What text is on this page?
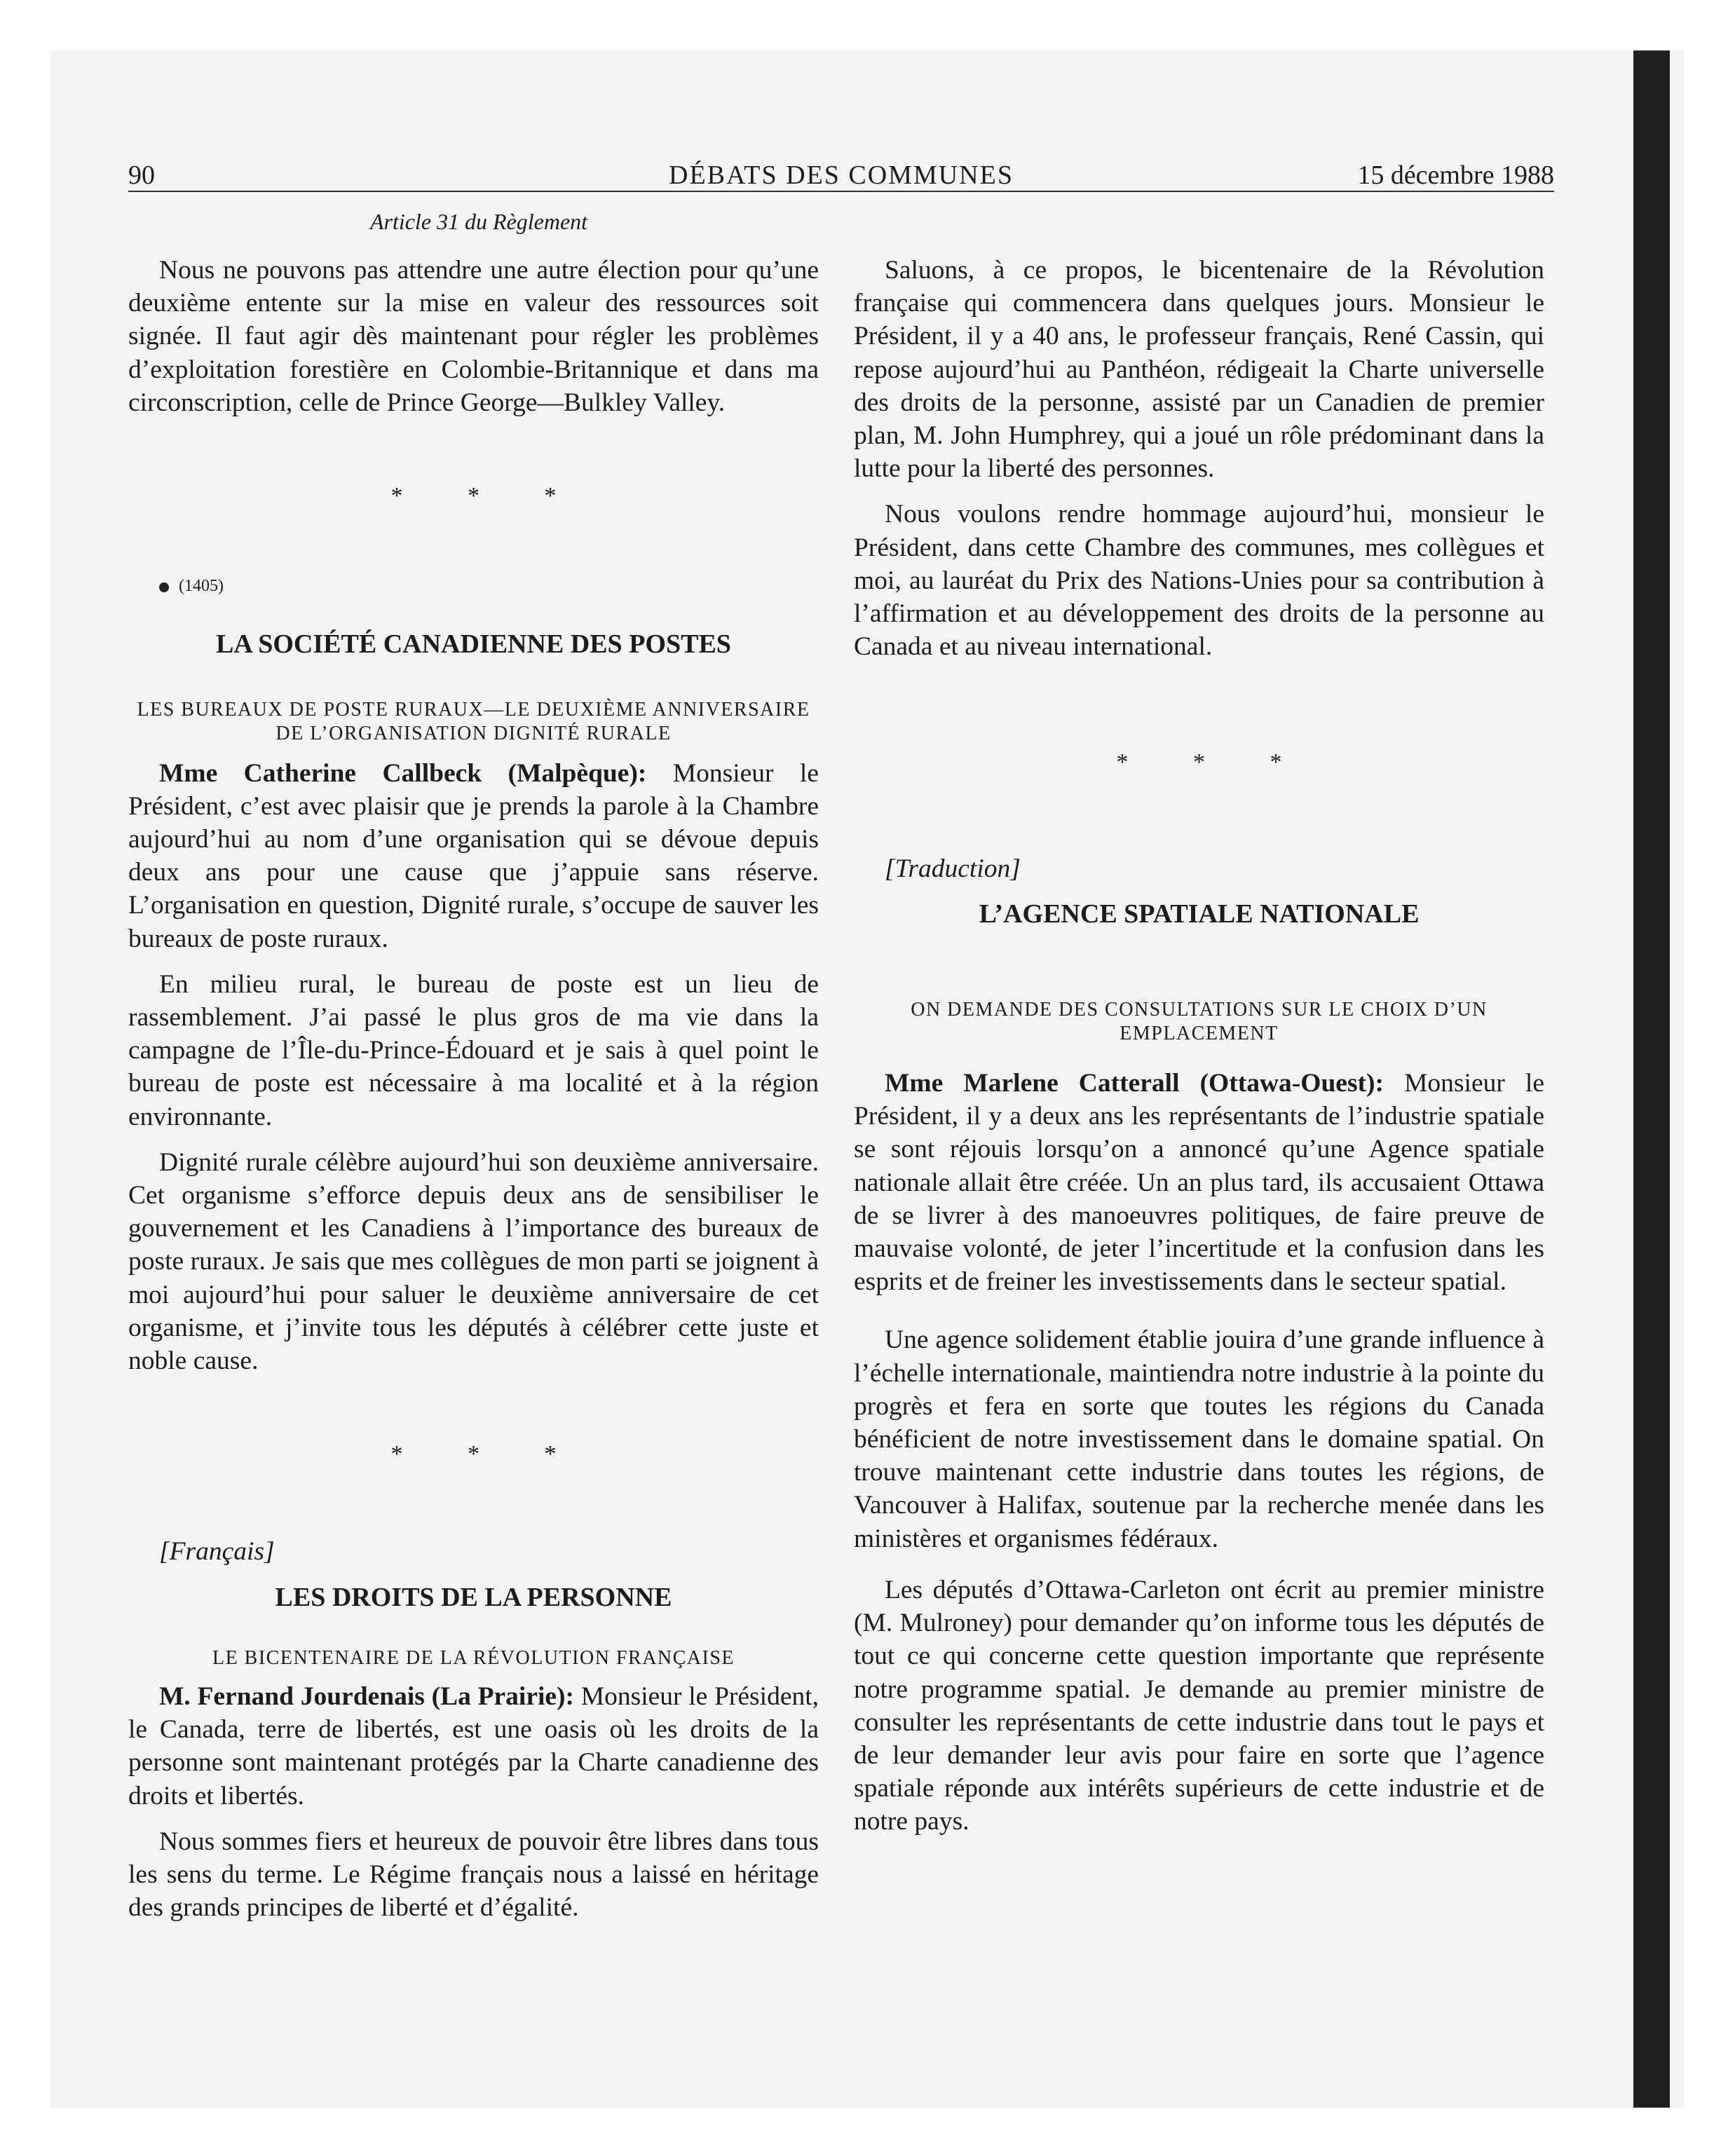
90	DÉBATS DES COMMUNES	15 décembre 1988
Article 31 du Règlement

Nous ne pouvons pas attendre une autre élection pour qu’une deuxième entente sur la mise en valeur des ressources soit signée. Il faut agir dès maintenant pour régler les problèmes d’exploitation forestière en Colombie-Britannique et dans ma circonscription, celle de Prince George—Bulkley Valley.

* * *

(1405)

LA SOCIÉTÉ CANADIENNE DES POSTES
LES BUREAUX DE POSTE RURAUX—LE DEUXIÈME ANNIVERSAIRE DE L’ORGANISATION DIGNITÉ RURALE

Mme Catherine Callbeck (Malpèque): Monsieur le Président, c’est avec plaisir que je prends la parole à la Chambre aujourd’hui au nom d’une organisation qui se dévoue depuis deux ans pour une cause que j’appuie sans réserve. L’organisation en question, Dignité rurale, s’occupe de sauver les bureaux de poste ruraux.

En milieu rural, le bureau de poste est un lieu de rassemblement. J’ai passé le plus gros de ma vie dans la campagne de l’Île-du-Prince-Édouard et je sais à quel point le bureau de poste est nécessaire à ma localité et à la région environnante.

Dignité rurale célèbre aujourd’hui son deuxième anniversaire. Cet organisme s’efforce depuis deux ans de sensibiliser le gouvernement et les Canadiens à l’importance des bureaux de poste ruraux. Je sais que mes collègues de mon parti se joignent à moi aujourd’hui pour saluer le deuxième anniversaire de cet organisme, et j’invite tous les députés à célébrer cette juste et noble cause.

* * *

[Français]

LES DROITS DE LA PERSONNE
LE BICENTENAIRE DE LA RÉVOLUTION FRANÇAISE

M. Fernand Jourdenais (La Prairie): Monsieur le Président, le Canada, terre de libertés, est une oasis où les droits de la personne sont maintenant protégés par la Charte canadienne des droits et libertés.

Nous sommes fiers et heureux de pouvoir être libres dans tous les sens du terme. Le Régime français nous a laissé en héritage des grands principes de liberté et d’égalité.

Saluons, à ce propos, le bicentenaire de la Révolution française qui commencera dans quelques jours. Monsieur le Président, il y a 40 ans, le professeur français, René Cassin, qui repose aujourd’hui au Panthéon, rédigeait la Charte universelle des droits de la personne, assisté par un Canadien de premier plan, M. John Humphrey, qui a joué un rôle prédominant dans la lutte pour la liberté des personnes.

Nous voulons rendre hommage aujourd’hui, monsieur le Président, dans cette Chambre des communes, mes collègues et moi, au lauréat du Prix des Nations-Unies pour sa contribution à l’affirmation et au développement des droits de la personne au Canada et au niveau international.

* * *

[Traduction]

L’AGENCE SPATIALE NATIONALE
ON DEMANDE DES CONSULTATIONS SUR LE CHOIX D’UN EMPLACEMENT

Mme Marlene Catterall (Ottawa-Ouest): Monsieur le Président, il y a deux ans les représentants de l’industrie spatiale se sont réjouis lorsqu’on a annoncé qu’une Agence spatiale nationale allait être créée. Un an plus tard, ils accusaient Ottawa de se livrer à des manoeuvres politiques, de faire preuve de mauvaise volonté, de jeter l’incertitude et la confusion dans les esprits et de freiner les investissements dans le secteur spatial.

Une agence solidement établie jouira d’une grande influence à l’échelle internationale, maintiendra notre industrie à la pointe du progrès et fera en sorte que toutes les régions du Canada bénéficient de notre investissement dans le domaine spatial. On trouve maintenant cette industrie dans toutes les régions, de Vancouver à Halifax, soutenue par la recherche menée dans les ministères et organismes fédéraux.

Les députés d’Ottawa-Carleton ont écrit au premier ministre (M. Mulroney) pour demander qu’on informe tous les députés de tout ce qui concerne cette question importante que représente notre programme spatial. Je demande au premier ministre de consulter les représentants de cette industrie dans tout le pays et de leur demander leur avis pour faire en sorte que l’agence spatiale réponde aux intérêts supérieurs de cette industrie et de notre pays.
